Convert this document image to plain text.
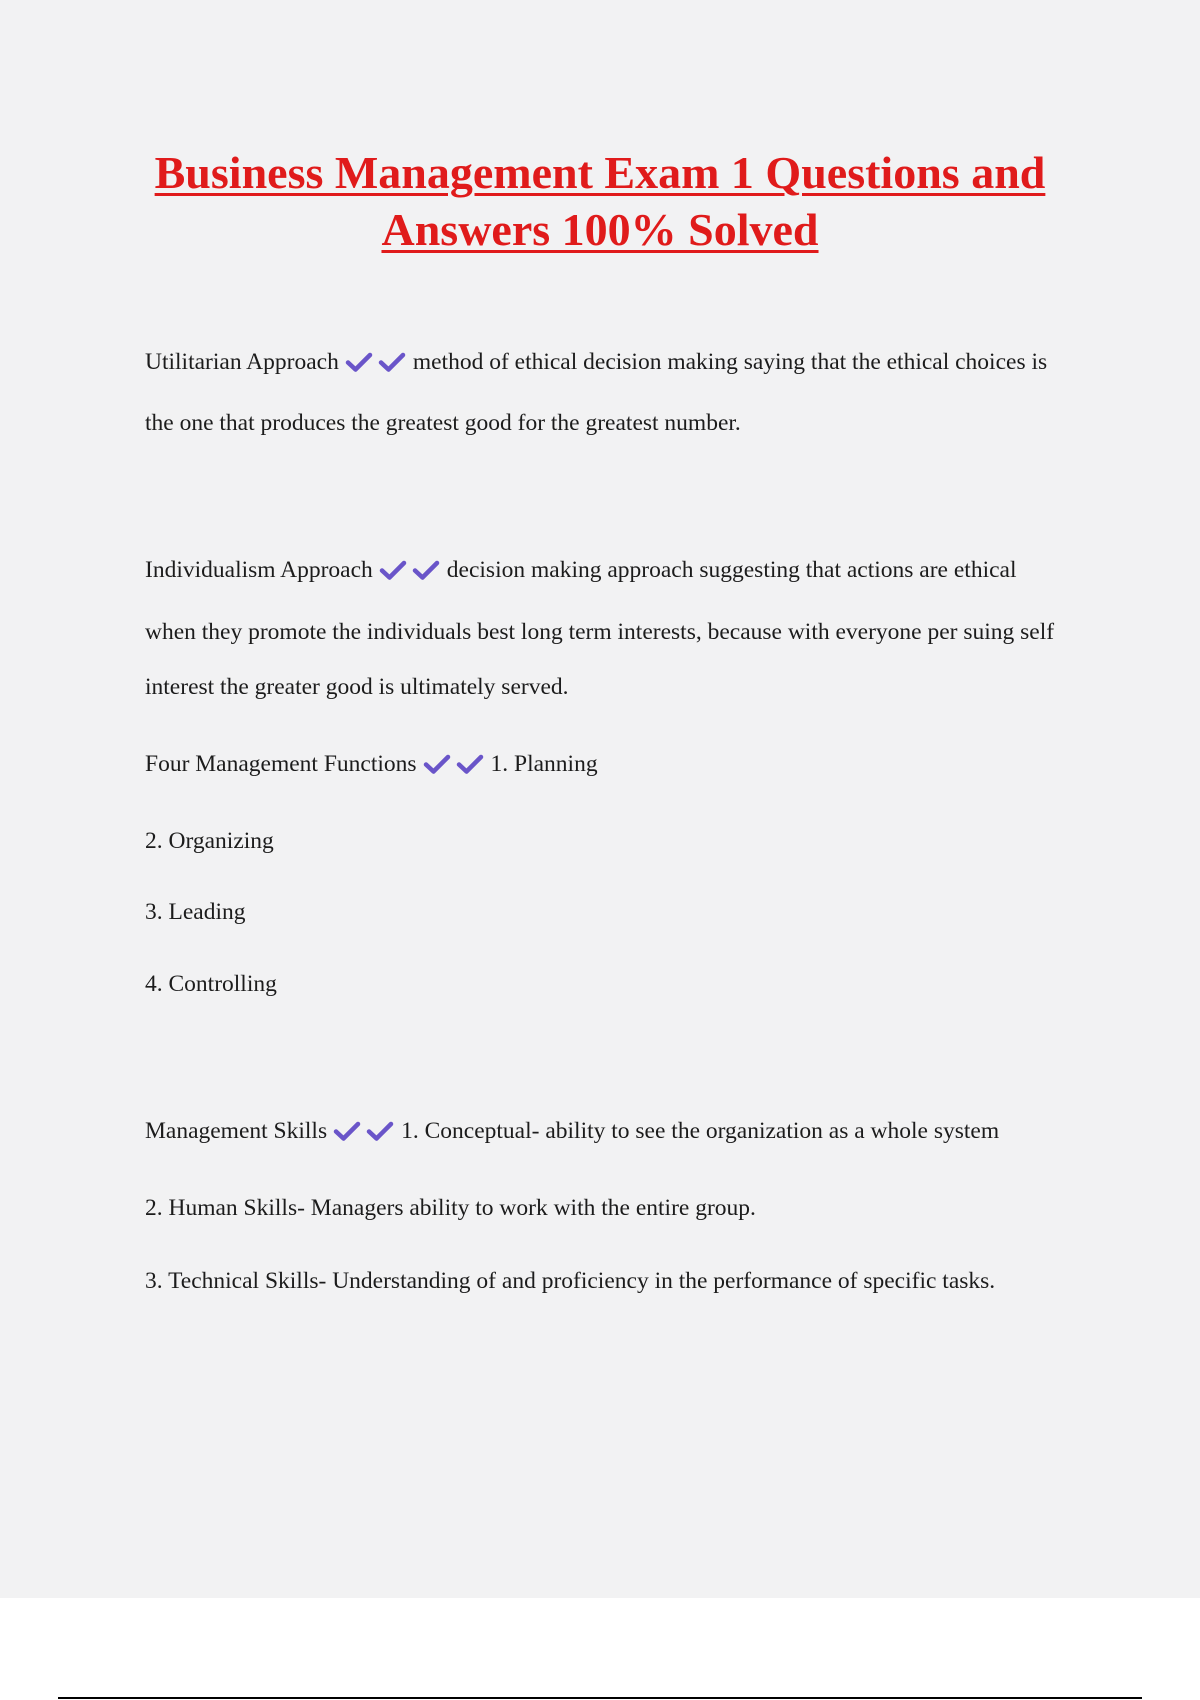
Business Management Exam 1 Questions and Answers 100% Solved
Utilitarian Approach	method of ethical decision making saying that the ethical choices is
the one that produces the greatest good for the greatest number.
Individualism Approach	decision making approach suggesting that actions are ethical
when they promote the individuals best long term interests, because with everyone per suing self
interest the greater good is ultimately served.
Four Management Functions	1. Planning
2. Organizing
3. Leading
4. Controlling
Management Skills	1. Conceptual- ability to see the organization as a whole system
2. Human Skills- Managers ability to work with the entire group.
3. Technical Skills- Understanding of and proficiency in the performance of specific tasks.
